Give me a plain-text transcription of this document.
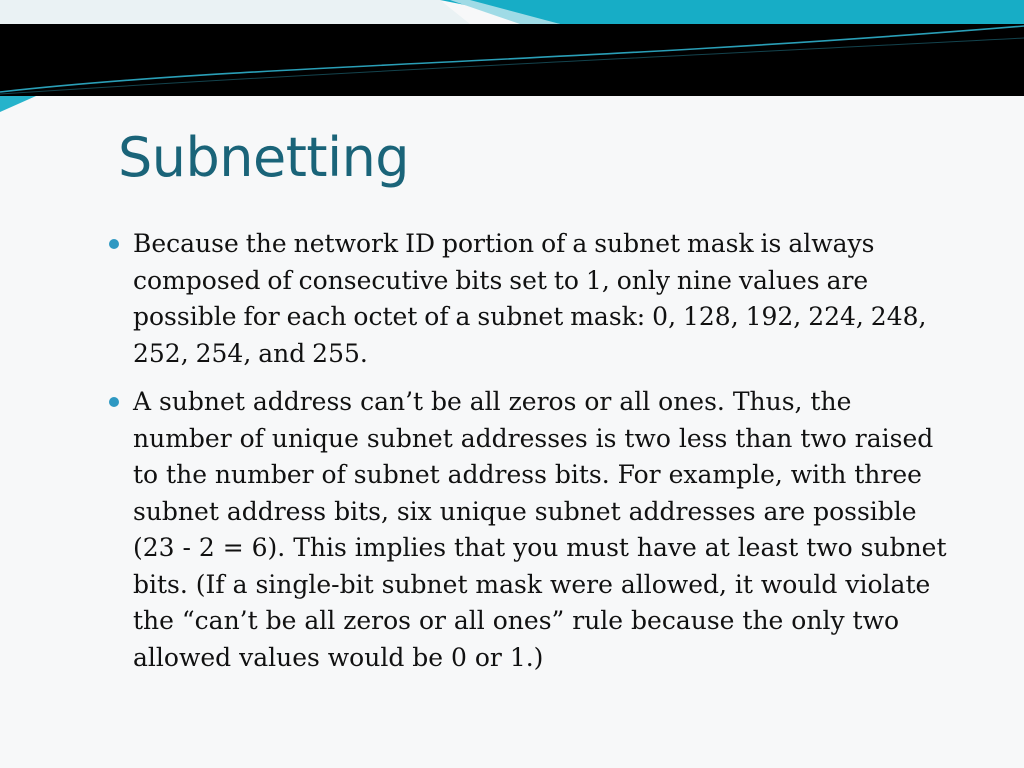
Subnetting
Because the network ID portion of a subnet mask is always composed of consecutive bits set to 1, only nine values are possible for each octet of a subnet mask: 0, 128, 192, 224, 248, 252, 254, and 255.
A subnet address can’t be all zeros or all ones. Thus, the number of unique subnet addresses is two less than two raised to the number of subnet address bits. For example, with three subnet address bits, six unique subnet addresses are possible (23 - 2 = 6). This implies that you must have at least two subnet bits. (If a single-bit subnet mask were allowed, it would violate the “can’t be all zeros or all ones” rule because the only two allowed values would be 0 or 1.)
